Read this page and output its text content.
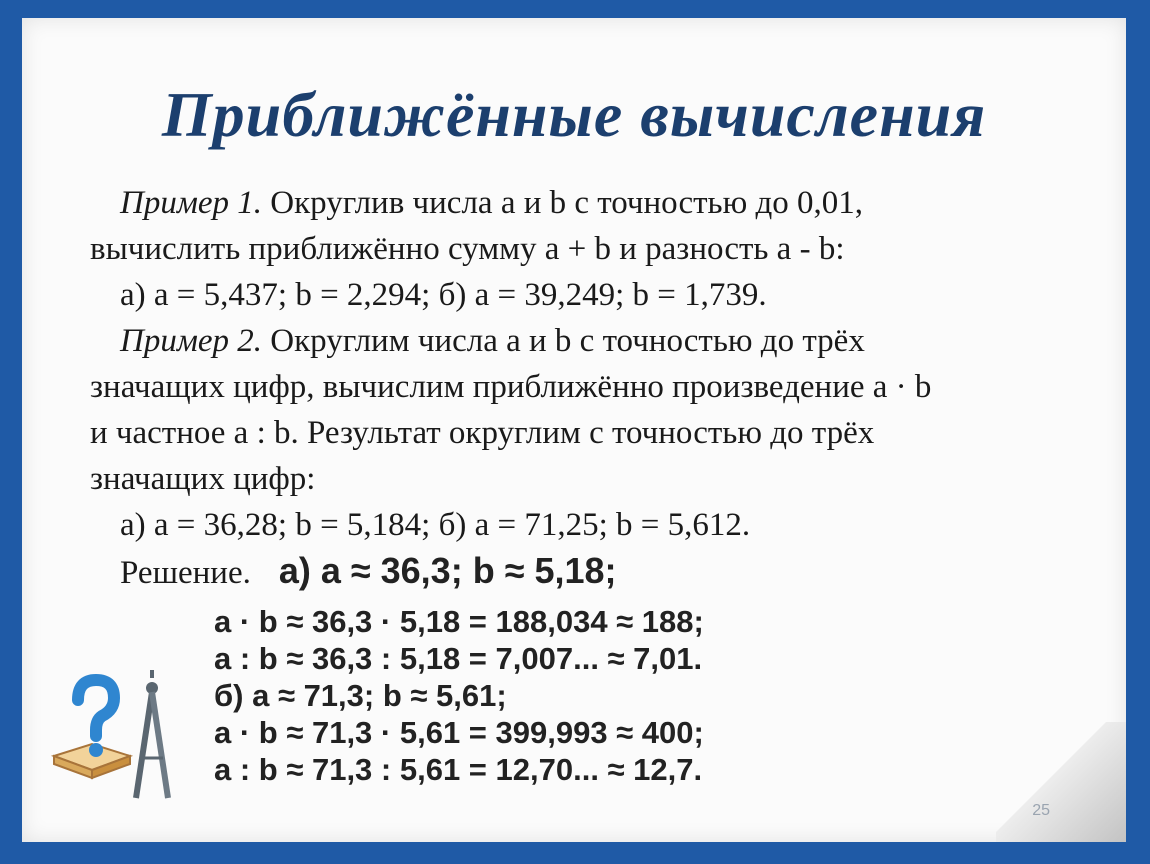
Приближённые вычисления

Пример 1. Округлив числа a и b с точностью до 0,01,

вычислить приближённо сумму a + b и разность a - b:

а) a = 5,437; b = 2,294; б) a = 39,249; b = 1,739.

Пример 2. Округлим числа a и b с точностью до трёх

значащих цифр, вычислим приближённо произведение a · b

и частное a : b. Результат округлим с точностью до трёх

значащих цифр:

а) a = 36,28; b = 5,184; б) a = 71,25; b = 5,612.

Решение. а) a ≈ 36,3; b ≈ 5,18;

a · b ≈ 36,3 · 5,18 = 188,034 ≈ 188;
a : b ≈ 36,3 : 5,18 = 7,007... ≈ 7,01.
б) a ≈ 71,3; b ≈ 5,61;
a · b ≈ 71,3 · 5,61 = 399,993 ≈ 400;
a : b ≈ 71,3 : 5,61 = 12,70... ≈ 12,7.
25
